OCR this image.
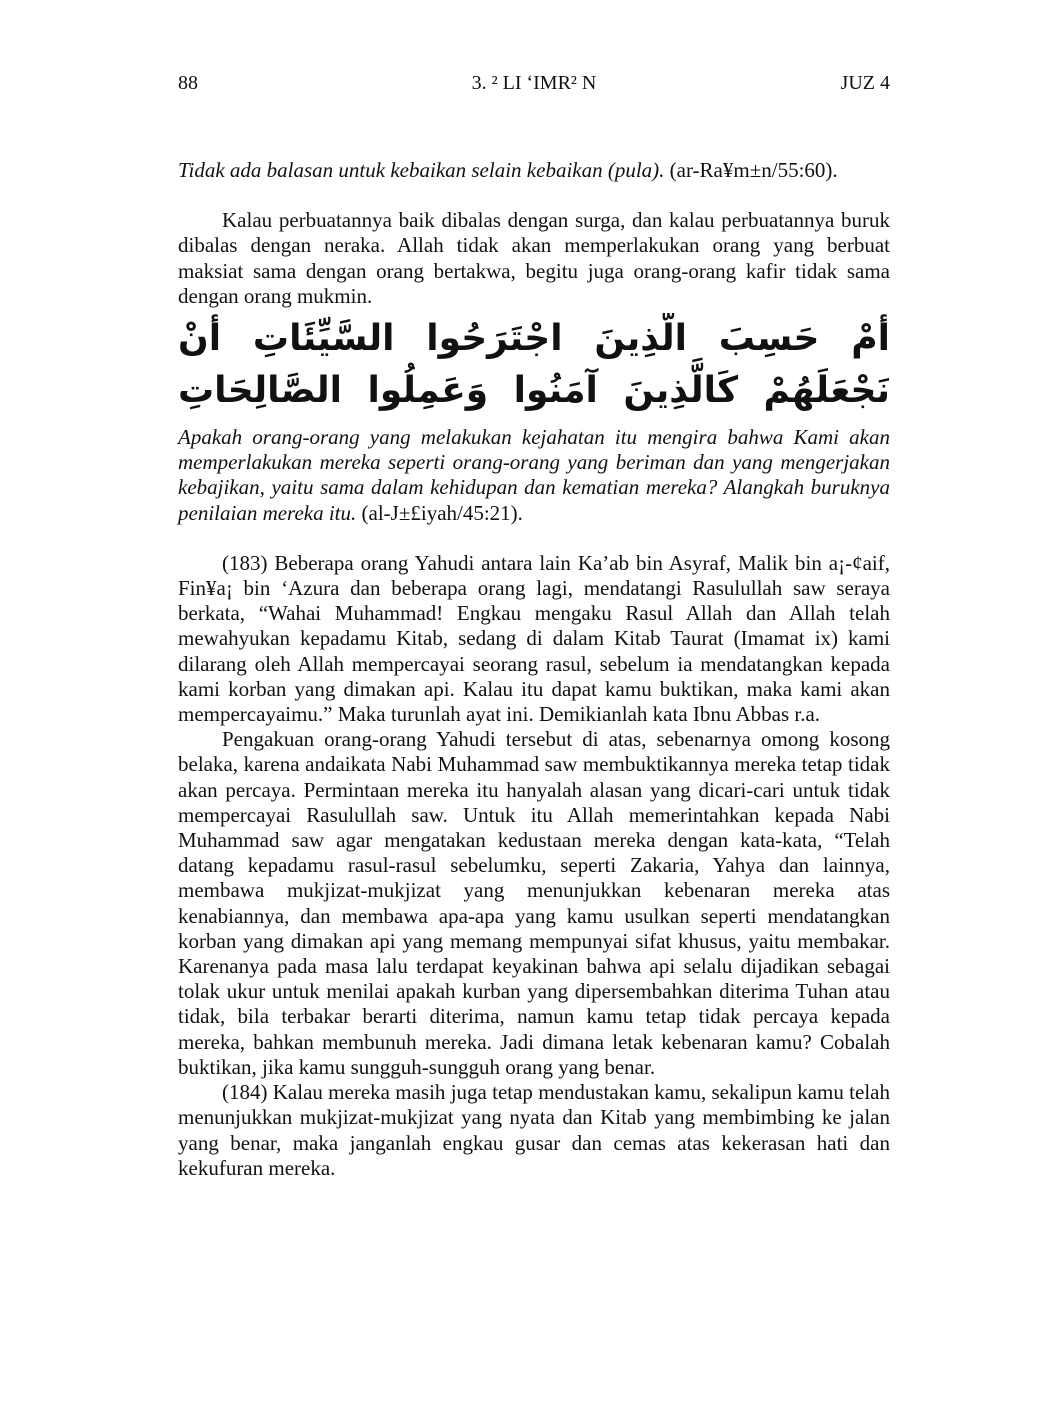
88	3. ² LI ‘IMR² N	JUZ 4

Tidak ada balasan untuk kebaikan selain kebaikan (pula). (ar-Ra¥m±n/55:60).

Kalau perbuatannya baik dibalas dengan surga, dan kalau perbuatannya buruk dibalas dengan neraka. Allah tidak akan memperlakukan orang yang berbuat maksiat sama dengan orang bertakwa, begitu juga orang-orang kafir tidak sama dengan orang mukmin.

أَمْ حَسِبَ الَّذِينَ اجْتَرَحُوا السَّيِّئَاتِ أَنْ نَجْعَلَهُمْ كَالَّذِينَ آمَنُوا وَعَمِلُوا الصَّالِحَاتِ

Apakah orang-orang yang melakukan kejahatan itu mengira bahwa Kami akan memperlakukan mereka seperti orang-orang yang beriman dan yang mengerjakan kebajikan, yaitu sama dalam kehidupan dan kematian mereka? Alangkah buruknya penilaian mereka itu. (al-J±£iyah/45:21).

(183) Beberapa orang Yahudi antara lain Ka’ab bin Asyraf, Malik bin a¡-¢aif, Fin¥a¡ bin ‘Azura dan beberapa orang lagi, mendatangi Rasulullah saw seraya berkata, “Wahai Muhammad! Engkau mengaku Rasul Allah dan Allah telah mewahyukan kepadamu Kitab, sedang di dalam Kitab Taurat (Imamat ix) kami dilarang oleh Allah mempercayai seorang rasul, sebelum ia mendatangkan kepada kami korban yang dimakan api. Kalau itu dapat kamu buktikan, maka kami akan mempercayaimu.” Maka turunlah ayat ini. Demikianlah kata Ibnu Abbas r.a.

Pengakuan orang-orang Yahudi tersebut di atas, sebenarnya omong kosong belaka, karena andaikata Nabi Muhammad saw membuktikannya mereka tetap tidak akan percaya. Permintaan mereka itu hanyalah alasan yang dicari-cari untuk tidak mempercayai Rasulullah saw. Untuk itu Allah memerintahkan kepada Nabi Muhammad saw agar mengatakan kedustaan mereka dengan kata-kata, “Telah datang kepadamu rasul-rasul sebelumku, seperti Zakaria, Yahya dan lainnya, membawa mukjizat-mukjizat yang menunjukkan kebenaran mereka atas kenabiannya, dan membawa apa-apa yang kamu usulkan seperti mendatangkan korban yang dimakan api yang memang mempunyai sifat khusus, yaitu membakar. Karenanya pada masa lalu terdapat keyakinan bahwa api selalu dijadikan sebagai tolak ukur untuk menilai apakah kurban yang dipersembahkan diterima Tuhan atau tidak, bila terbakar berarti diterima, namun kamu tetap tidak percaya kepada mereka, bahkan membunuh mereka. Jadi dimana letak kebenaran kamu? Cobalah buktikan, jika kamu sungguh-sungguh orang yang benar.

(184) Kalau mereka masih juga tetap mendustakan kamu, sekalipun kamu telah menunjukkan mukjizat-mukjizat yang nyata dan Kitab yang membimbing ke jalan yang benar, maka janganlah engkau gusar dan cemas atas kekerasan hati dan kekufuran mereka.
